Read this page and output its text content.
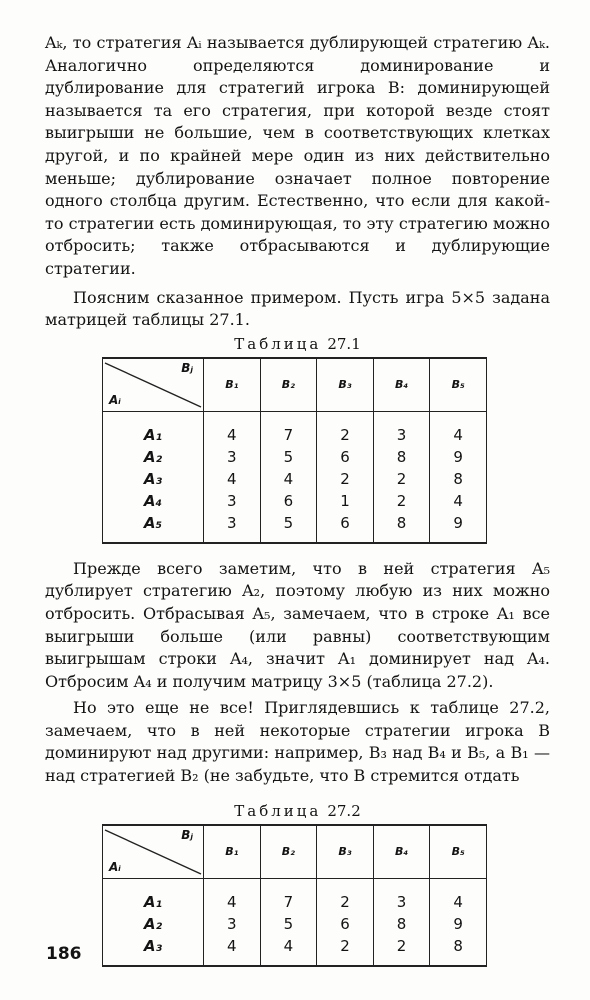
Aₖ, то стратегия Aᵢ называется дублирующей стратегию Aₖ. Аналогично определяются доминирование и дублирование для стратегий игрока B: доминирующей называется та его стратегия, при которой везде стоят выигрыши не большие, чем в соответствующих клетках другой, и по крайней мере один из них действительно меньше; дублирование означает полное повторение одного столбца другим. Естественно, что если для какой-то стратегии есть доминирующая, то эту стратегию можно отбросить; также отбрасываются и дублирующие стратегии.

Поясним сказанное примером. Пусть игра 5×5 задана матрицей таблицы 27.1.

Таблица 27.1
Bⱼ
Aᵢ	B₁	B₂	B₃	B₄	B₅

A₁	4	7	2	3	4
A₂	3	5	6	8	9
A₃	4	4	2	2	8
A₄	3	6	1	2	4
A₅	3	5	6	8	9

Прежде всего заметим, что в ней стратегия A₅ дублирует стратегию A₂, поэтому любую из них можно отбросить. Отбрасывая A₅, замечаем, что в строке A₁ все выигрыши больше (или равны) соответствующим выигрышам строки A₄, значит A₁ доминирует над A₄. Отбросим A₄ и получим матрицу 3×5 (таблица 27.2).

Но это еще не все! Приглядевшись к таблице 27.2, замечаем, что в ней некоторые стратегии игрока B доминируют над другими: например, B₃ над B₄ и B₅, а B₁ — над стратегией B₂ (не забудьте, что B стремится отдать

Таблица 27.2
Bⱼ
Aᵢ	B₁	B₂	B₃	B₄	B₅

A₁	4	7	2	3	4
A₂	3	5	6	8	9
A₃	4	4	2	2	8
186
